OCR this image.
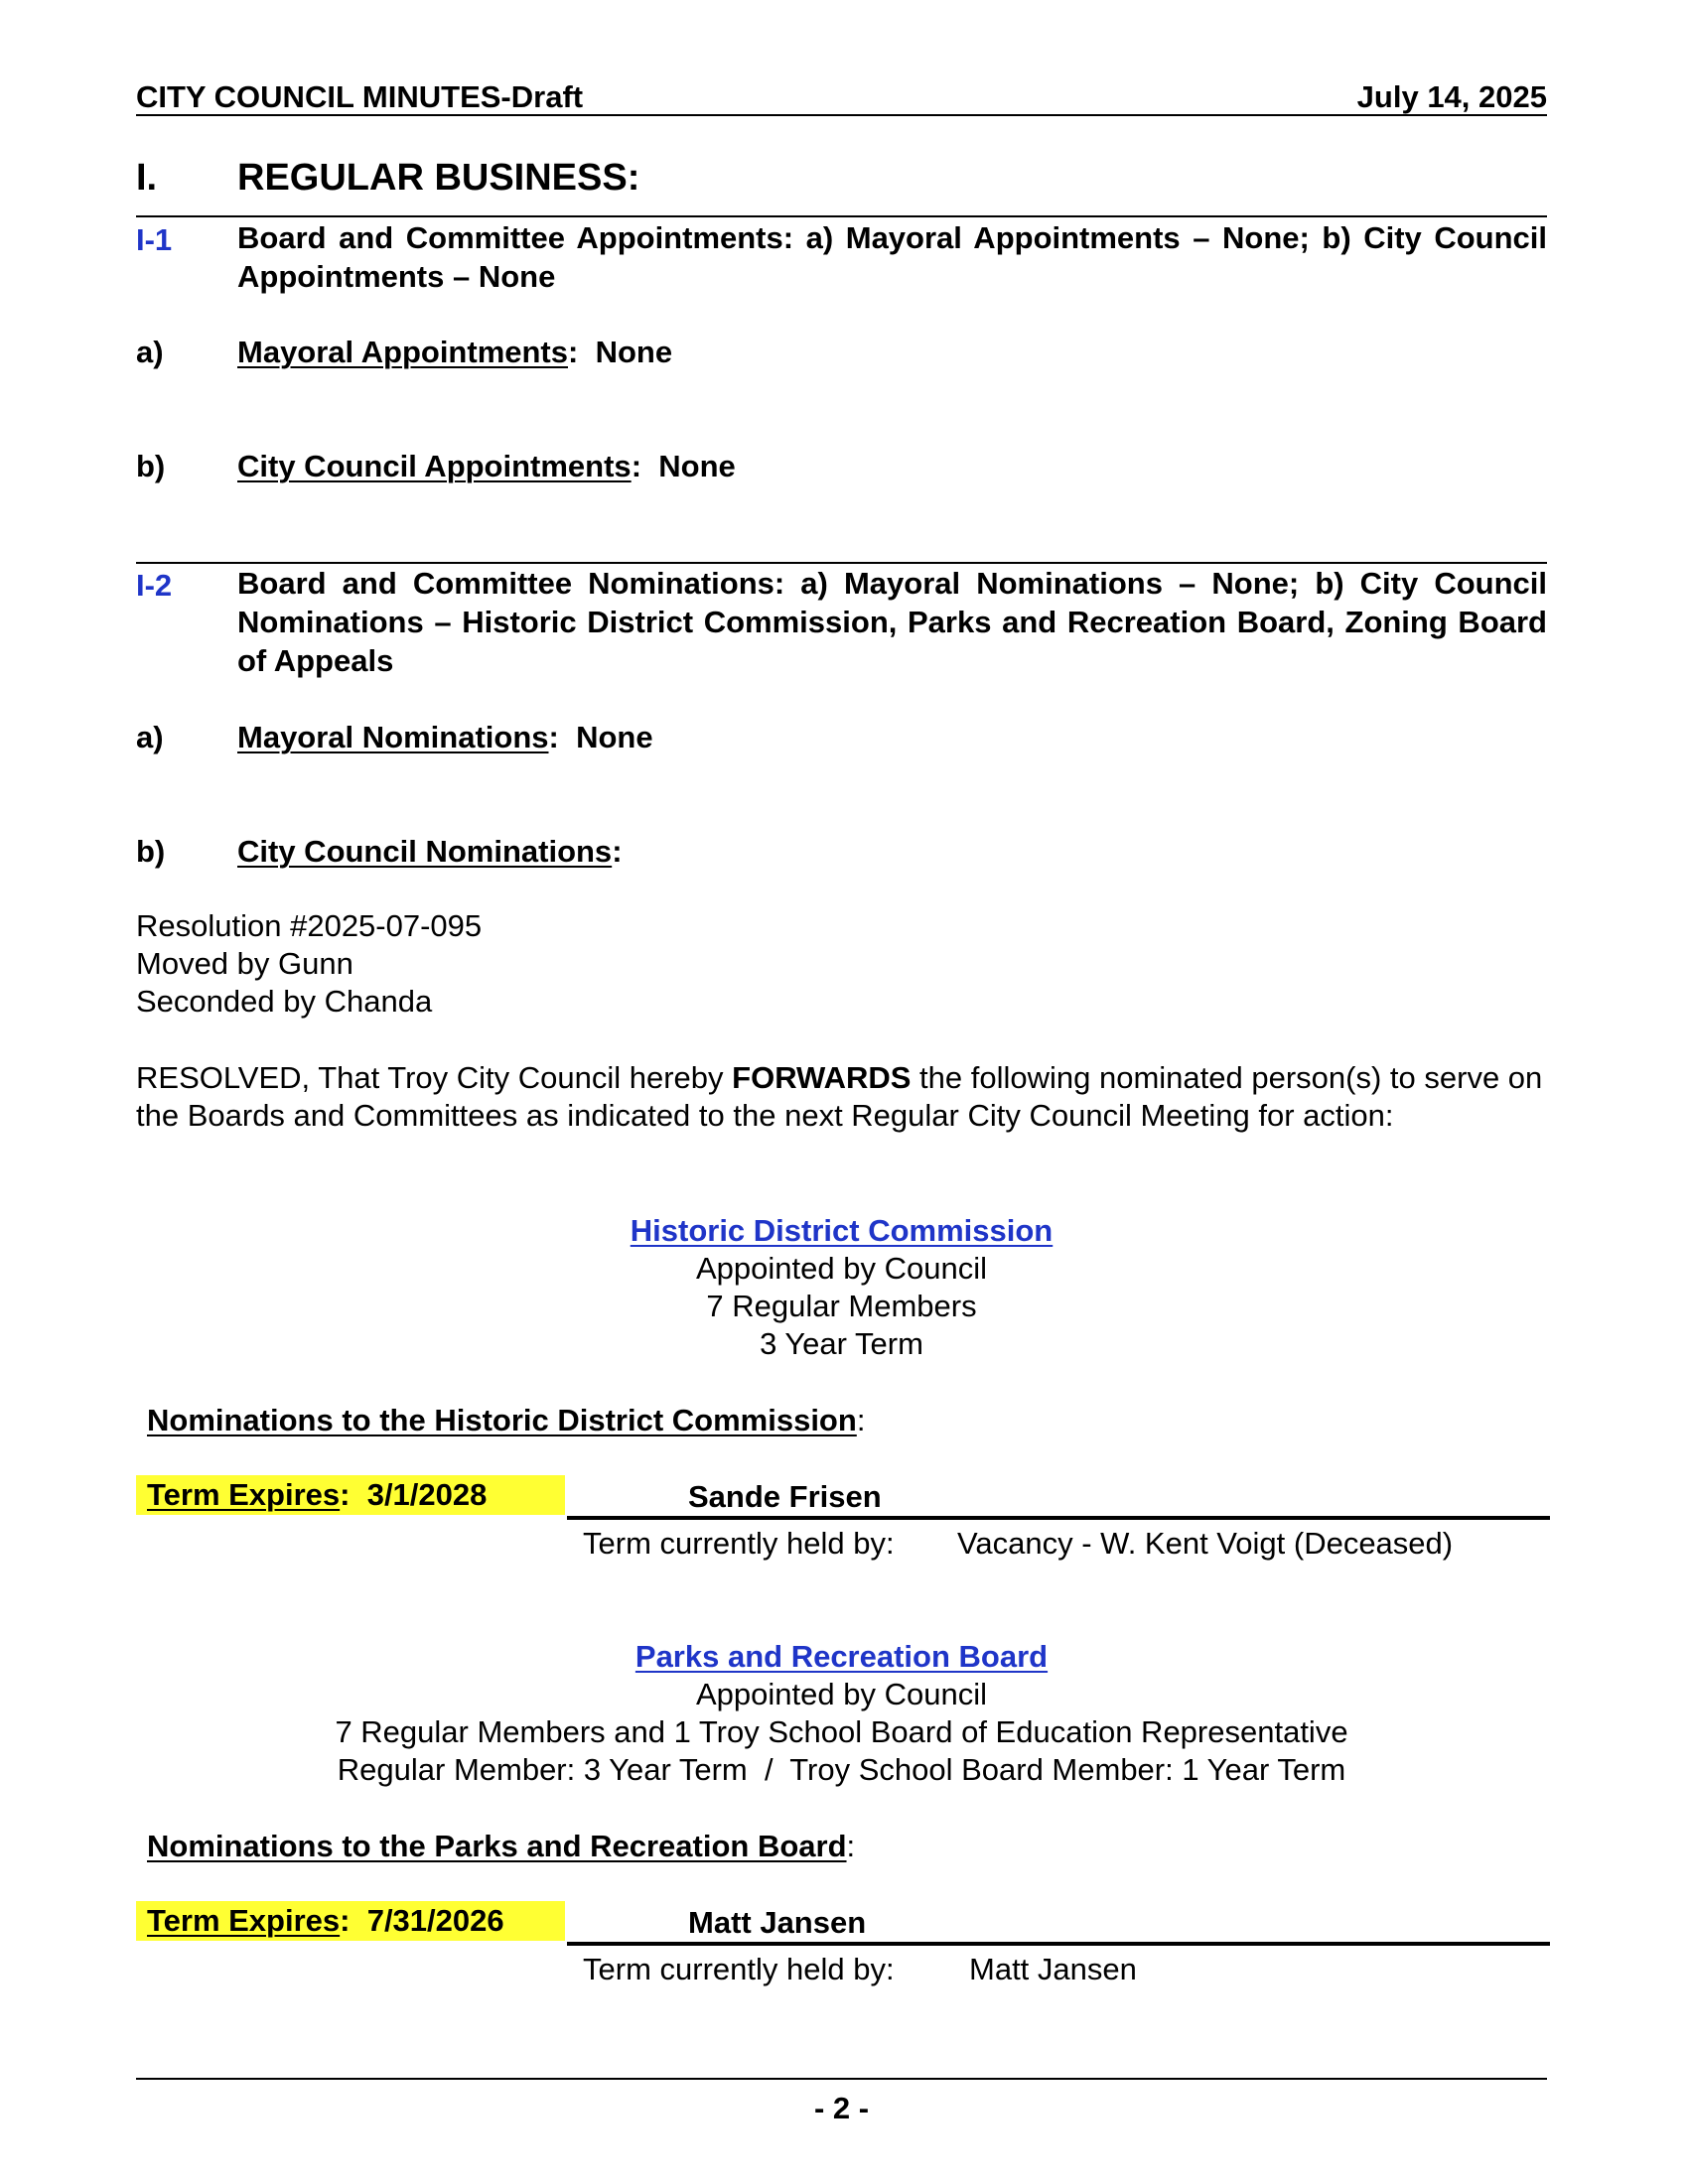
CITY COUNCIL MINUTES-Draft	July 14, 2025
I. REGULAR BUSINESS:
I-1 Board and Committee Appointments: a) Mayoral Appointments – None; b) City Council Appointments – None
a) Mayoral Appointments:  None
b) City Council Appointments:  None
I-2 Board and Committee Nominations: a) Mayoral Nominations – None; b) City Council Nominations – Historic District Commission, Parks and Recreation Board, Zoning Board of Appeals
a) Mayoral Nominations:  None
b) City Council Nominations:
Resolution #2025-07-095
Moved by Gunn
Seconded by Chanda
RESOLVED, That Troy City Council hereby FORWARDS the following nominated person(s) to serve on the Boards and Committees as indicated to the next Regular City Council Meeting for action:
Historic District Commission
Appointed by Council
7 Regular Members
3 Year Term
Nominations to the Historic District Commission:
Term Expires:  3/1/2028	Sande Frisen
Term currently held by: Vacancy - W. Kent Voigt (Deceased)
Parks and Recreation Board
Appointed by Council
7 Regular Members and 1 Troy School Board of Education Representative
Regular Member: 3 Year Term  /  Troy School Board Member: 1 Year Term
Nominations to the Parks and Recreation Board:
Term Expires:  7/31/2026	Matt Jansen
Term currently held by: Matt Jansen
- 2 -
